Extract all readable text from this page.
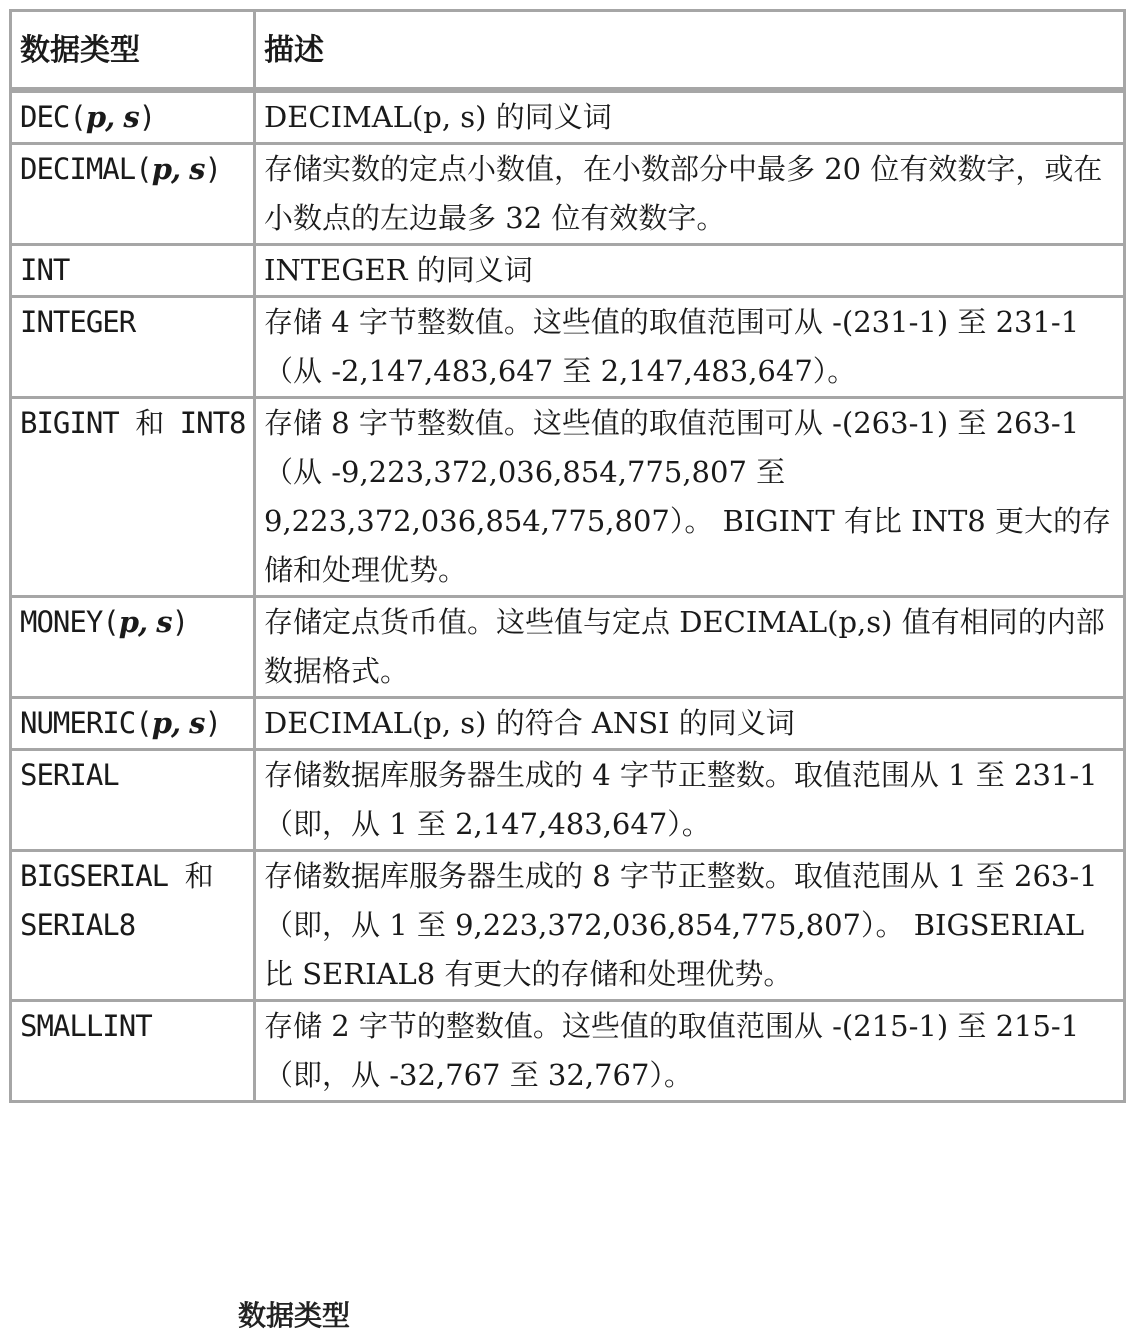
数据类型	描述
DEC(p, s)	DECIMAL(p, s) 的同义词
DECIMAL(p, s)	存储实数的定点小数值，在小数部分中最多 20 位有效数字，或在小数点的左边最多 32 位有效数字。
INT	INTEGER 的同义词
INTEGER	存储 4 字节整数值。这些值的取值范围可从 -(231-1) 至 231-1（从 -2,147,483,647 至 2,147,483,647）。
BIGINT 和 INT8	存储 8 字节整数值。这些值的取值范围可从 -(263-1) 至 263-1（从 -9,223,372,036,854,775,807 至 9,223,372,036,854,775,807）。 BIGINT 有比 INT8 更大的存储和处理优势。
MONEY(p, s)	存储定点货币值。这些值与定点 DECIMAL(p,s) 值有相同的内部数据格式。
NUMERIC(p, s)	DECIMAL(p, s) 的符合 ANSI 的同义词
SERIAL	存储数据库服务器生成的 4 字节正整数。取值范围从 1 至 231-1（即，从 1 至 2,147,483,647）。
BIGSERIAL 和 SERIAL8	存储数据库服务器生成的 8 字节正整数。取值范围从 1 至 263-1（即，从 1 至 9,223,372,036,854,775,807）。 BIGSERIAL 比 SERIAL8 有更大的存储和处理优势。
SMALLINT	存储 2 字节的整数值。这些值的取值范围从 -(215-1) 至 215-1（即，从 -32,767 至 32,767）。
数据类型
